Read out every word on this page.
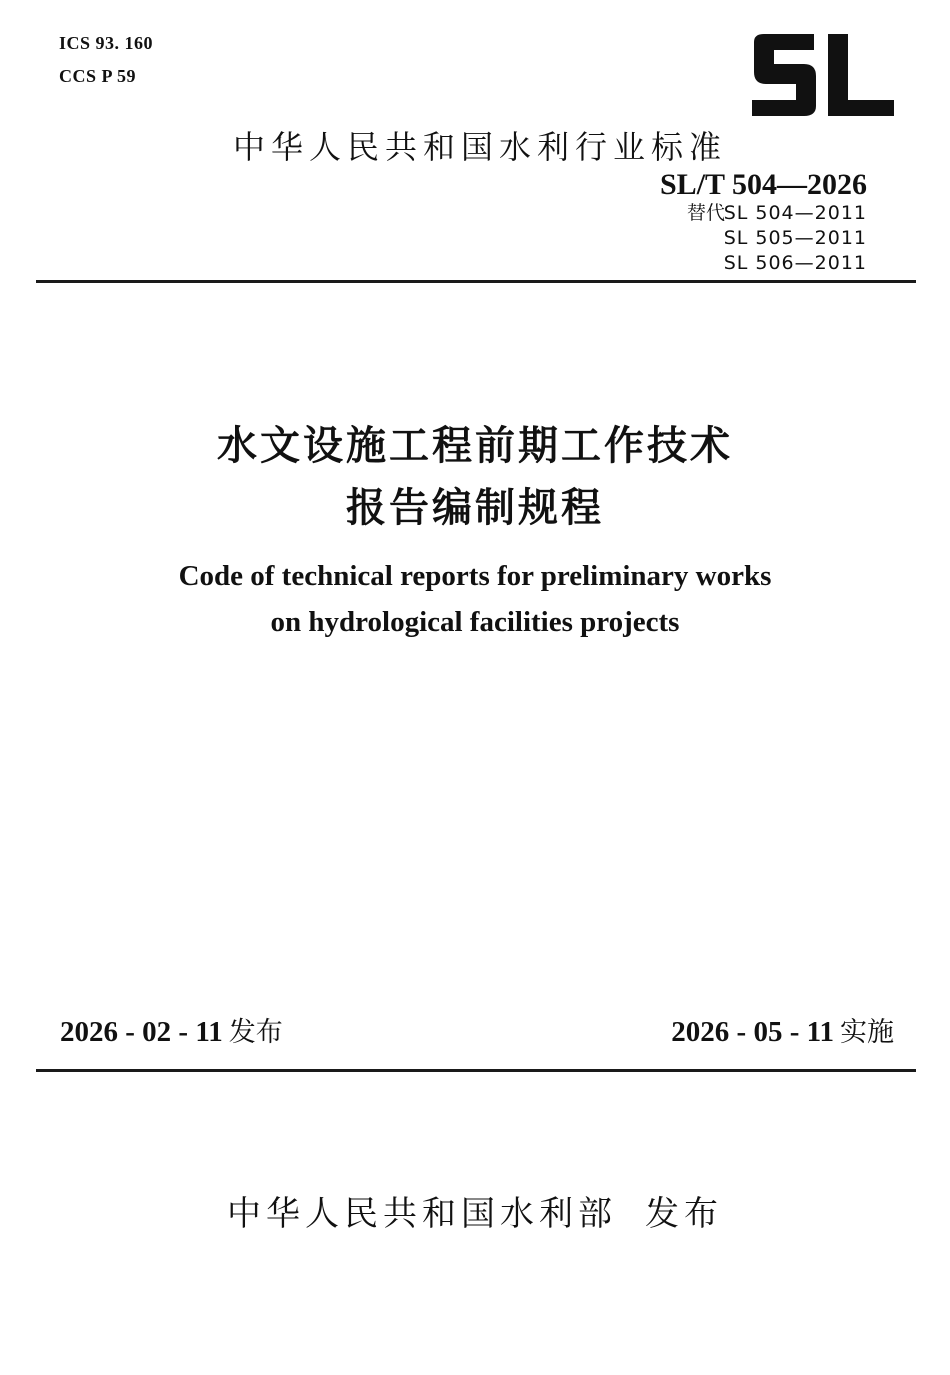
ICS 93. 160
CCS P 59
中华人民共和国水利行业标准
SL/T 504—2026
替代
SL 504—2011
SL 505—2011
SL 506—2011
水文设施工程前期工作技术
报告编制规程
Code of technical reports for preliminary works
on hydrological facilities projects
2026 - 02 - 11 发布	2026 - 05 - 11 实施
中华人民共和国水利部 发布
